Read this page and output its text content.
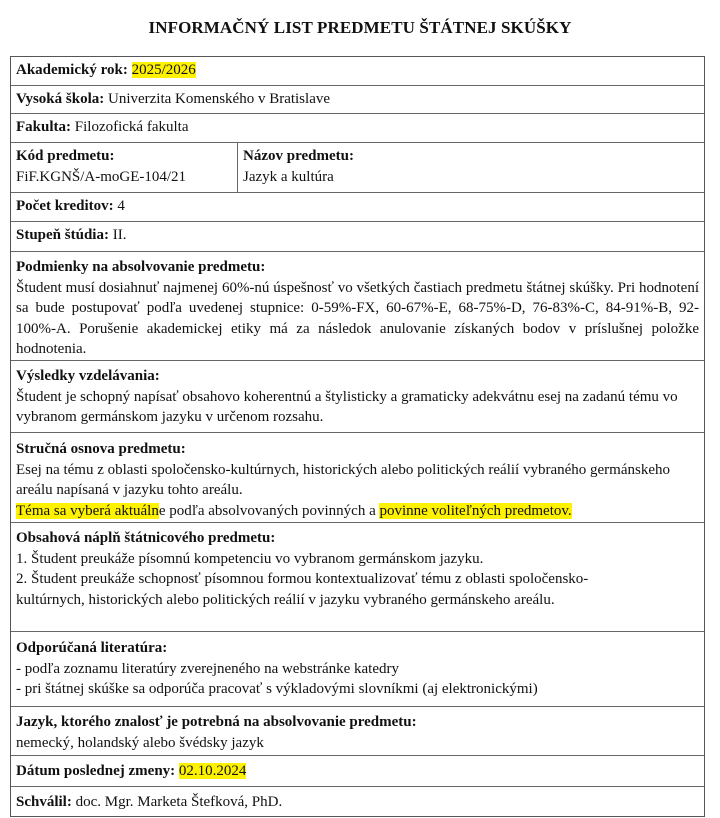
INFORMAČNÝ LIST PREDMETU ŠTÁTNEJ SKÚŠKY
Akademický rok: 2025/2026
Vysoká škola: Univerzita Komenského v Bratislave
Fakulta: Filozofická fakulta
Kód predmetu:
FiF.KGNŠ/A-moGE-104/21
Názov predmetu:
Jazyk a kultúra
Počet kreditov: 4
Stupeň štúdia: II.
Podmienky na absolvovanie predmetu:
Študent musí dosiahnuť najmenej 60%-nú úspešnosť vo všetkých častiach predmetu štátnej skúšky. Pri hodnotení sa bude postupovať podľa uvedenej stupnice: 0-59%-FX, 60-67%-E, 68-75%-D, 76-83%-C, 84-91%-B, 92-100%-A. Porušenie akademickej etiky má za následok anulovanie získaných bodov v príslušnej položke hodnotenia.
Výsledky vzdelávania:
Študent je schopný napísať obsahovo koherentnú a štylisticky a gramaticky adekvátnu esej na zadanú tému vo vybranom germánskom jazyku v určenom rozsahu.
Stručná osnova predmetu:
Esej na tému z oblasti spoločensko-kultúrnych, historických alebo politických reálií vybraného germánskeho areálu napísaná v jazyku tohto areálu.
Téma sa vyberá aktuálne podľa absolvovaných povinných a povinne voliteľných predmetov.
Obsahová náplň štátnicového predmetu:
1. Študent preukáže písomnú kompetenciu vo vybranom germánskom jazyku.
2. Študent preukáže schopnosť písomnou formou kontextualizovať tému z oblasti spoločensko-kultúrnych, historických alebo politických reálií v jazyku vybraného germánskeho areálu.
Odporúčaná literatúra:
- podľa zoznamu literatúry zverejneného na webstránke katedry
- pri štátnej skúške sa odporúča pracovať s výkladovými slovníkmi (aj elektronickými)
Jazyk, ktorého znalosť je potrebná na absolvovanie predmetu:
nemecký, holandský alebo švédsky jazyk
Dátum poslednej zmeny: 02.10.2024
Schválil: doc. Mgr. Marketa Štefková, PhD.
